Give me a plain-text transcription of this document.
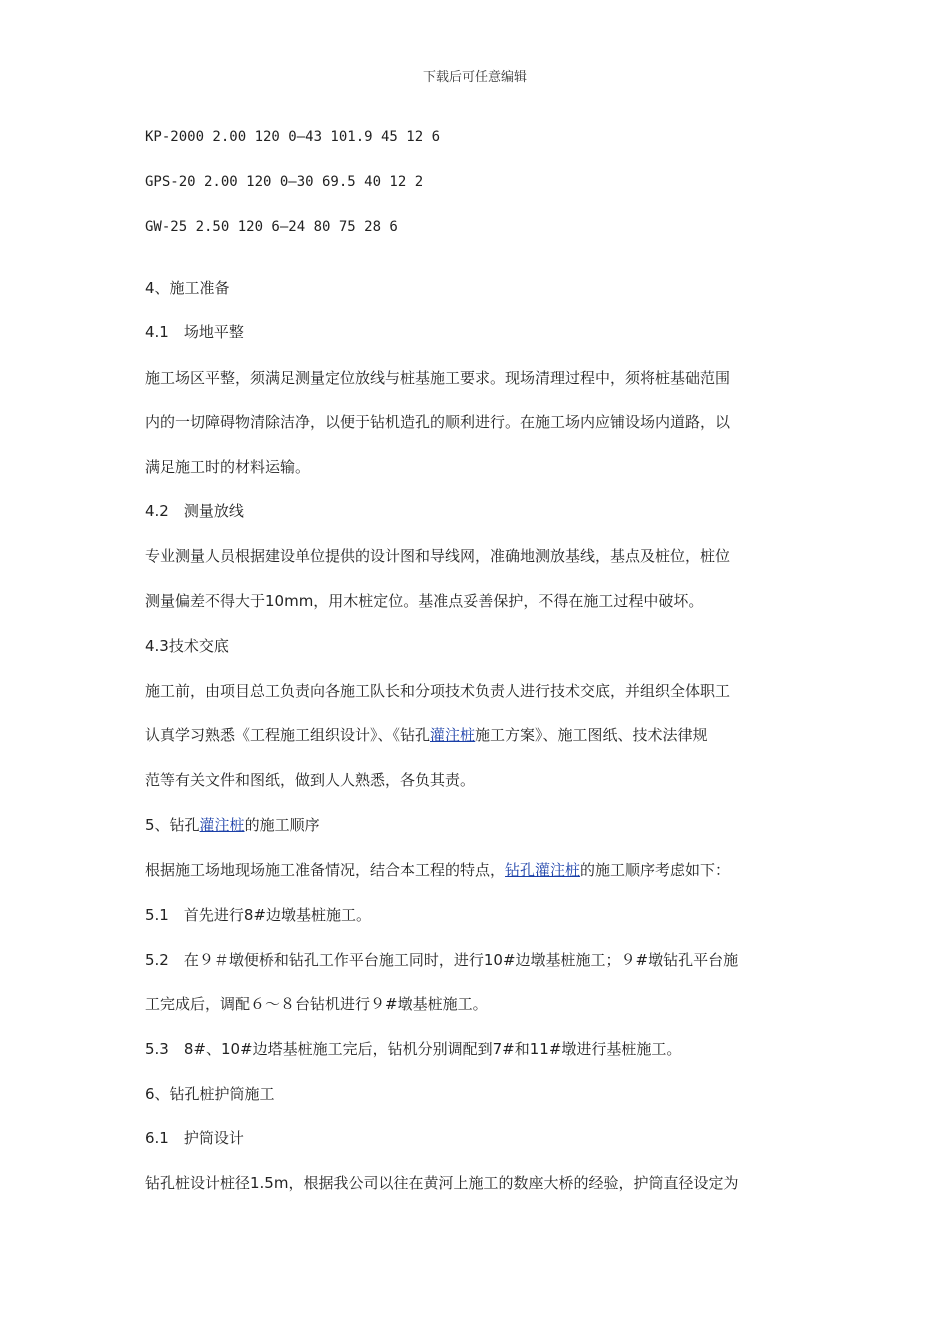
下载后可任意编辑

KP-2000 2.00 120 0—43 101.9 45 12 6

GPS-20 2.00 120 0—30 69.5 40 12 2

GW-25 2.50 120 6—24 80 75 28 6

4、施工准备

4.1　场地平整

施工场区平整，须满足测量定位放线与桩基施工要求。现场清理过程中，须将桩基础范围

内的一切障碍物清除洁净，以便于钻机造孔的顺利进行。在施工场内应铺设场内道路，以

满足施工时的材料运输。

4.2　测量放线

专业测量人员根据建设单位提供的设计图和导线网，准确地测放基线，基点及桩位，桩位

测量偏差不得大于10mm，用木桩定位。基准点妥善保护，不得在施工过程中破坏。

4.3技术交底

施工前，由项目总工负责向各施工队长和分项技术负责人进行技术交底，并组织全体职工

认真学习熟悉《工程施工组织设计》、《钻孔灌注桩施工方案》、施工图纸、技术法律规

范等有关文件和图纸，做到人人熟悉，各负其责。

5、钻孔灌注桩的施工顺序

根据施工场地现场施工准备情况，结合本工程的特点，钻孔灌注桩的施工顺序考虑如下：

5.1　首先进行8#边墩基桩施工。

5.2　在９＃墩便桥和钻孔工作平台施工同时，进行10#边墩基桩施工；９#墩钻孔平台施

工完成后，调配６～８台钻机进行９#墩基桩施工。

5.3　8#、10#边塔基桩施工完后，钻机分别调配到7#和11#墩进行基桩施工。

6、钻孔桩护筒施工

6.1　护筒设计

钻孔桩设计桩径1.5m，根据我公司以往在黄河上施工的数座大桥的经验，护筒直径设定为
